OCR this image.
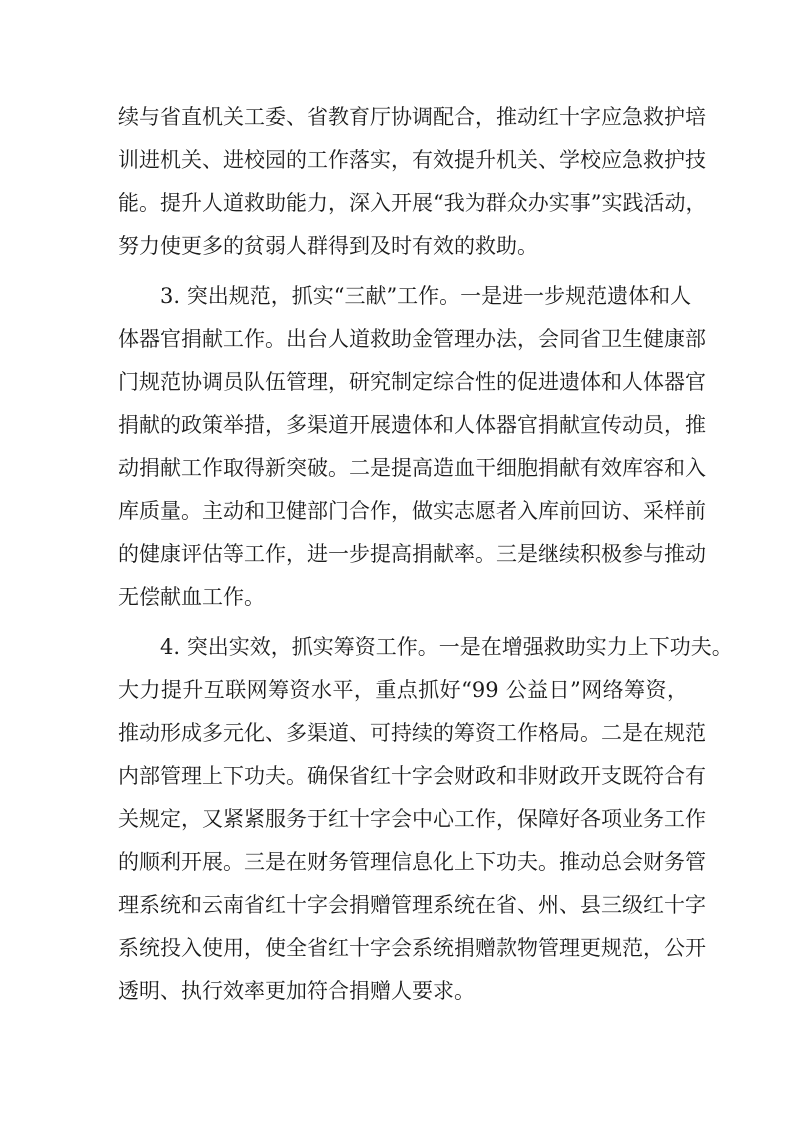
续与省直机关工委、省教育厅协调配合，推动红十字应急救护培
训进机关、进校园的工作落实，有效提升机关、学校应急救护技
能。提升人道救助能力，深入开展“我为群众办实事”实践活动，
努力使更多的贫弱人群得到及时有效的救助。
3. 突出规范，抓实“三献”工作。一是进一步规范遗体和人
体器官捐献工作。出台人道救助金管理办法，会同省卫生健康部
门规范协调员队伍管理，研究制定综合性的促进遗体和人体器官
捐献的政策举措，多渠道开展遗体和人体器官捐献宣传动员，推
动捐献工作取得新突破。二是提高造血干细胞捐献有效库容和入
库质量。主动和卫健部门合作，做实志愿者入库前回访、采样前
的健康评估等工作，进一步提高捐献率。三是继续积极参与推动
无偿献血工作。
4. 突出实效，抓实筹资工作。一是在增强救助实力上下功夫。
大力提升互联网筹资水平，重点抓好“99 公益日”网络筹资，
推动形成多元化、多渠道、可持续的筹资工作格局。二是在规范
内部管理上下功夫。确保省红十字会财政和非财政开支既符合有
关规定，又紧紧服务于红十字会中心工作，保障好各项业务工作
的顺利开展。三是在财务管理信息化上下功夫。推动总会财务管
理系统和云南省红十字会捐赠管理系统在省、州、县三级红十字
系统投入使用，使全省红十字会系统捐赠款物管理更规范，公开
透明、执行效率更加符合捐赠人要求。
